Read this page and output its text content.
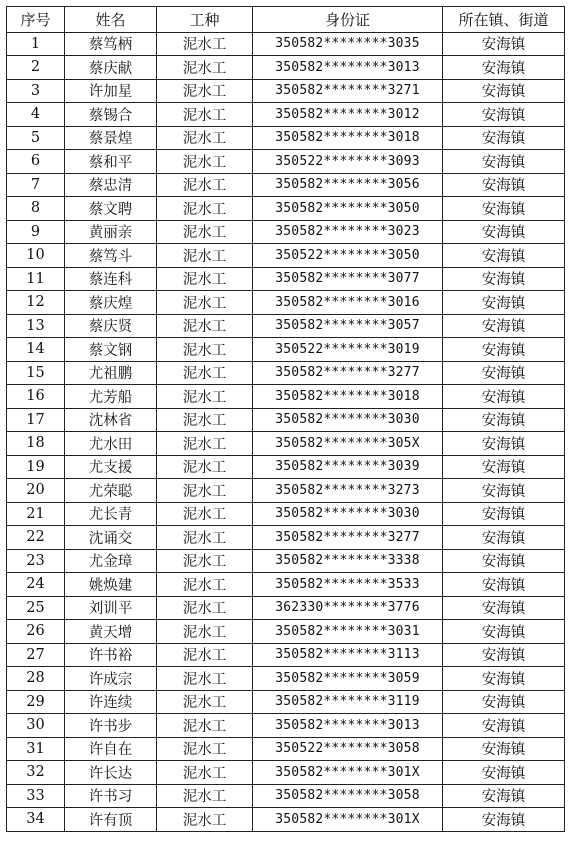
序号	姓名	工种	身份证	所在镇、街道
1	蔡笃柄	泥水工	350582********3035	安海镇
2	蔡庆献	泥水工	350582********3013	安海镇
3	许加星	泥水工	350582********3271	安海镇
4	蔡锡合	泥水工	350582********3012	安海镇
5	蔡景煌	泥水工	350582********3018	安海镇
6	蔡和平	泥水工	350522********3093	安海镇
7	蔡忠清	泥水工	350582********3056	安海镇
8	蔡文聘	泥水工	350582********3050	安海镇
9	黄丽亲	泥水工	350582********3023	安海镇
10	蔡笃斗	泥水工	350522********3050	安海镇
11	蔡连科	泥水工	350582********3077	安海镇
12	蔡庆煌	泥水工	350582********3016	安海镇
13	蔡庆贤	泥水工	350582********3057	安海镇
14	蔡文钢	泥水工	350522********3019	安海镇
15	尤祖鹏	泥水工	350582********3277	安海镇
16	尤芳船	泥水工	350582********3018	安海镇
17	沈林省	泥水工	350582********3030	安海镇
18	尤水田	泥水工	350582********305X	安海镇
19	尤支援	泥水工	350582********3039	安海镇
20	尤荣聪	泥水工	350582********3273	安海镇
21	尤长青	泥水工	350582********3030	安海镇
22	沈诵交	泥水工	350582********3277	安海镇
23	尤金璋	泥水工	350582********3338	安海镇
24	姚焕建	泥水工	350582********3533	安海镇
25	刘训平	泥水工	362330********3776	安海镇
26	黄天增	泥水工	350582********3031	安海镇
27	许书裕	泥水工	350582********3113	安海镇
28	许成宗	泥水工	350582********3059	安海镇
29	许连续	泥水工	350582********3119	安海镇
30	许书步	泥水工	350582********3013	安海镇
31	许自在	泥水工	350522********3058	安海镇
32	许长达	泥水工	350582********301X	安海镇
33	许书习	泥水工	350582********3058	安海镇
34	许有顶	泥水工	350582********301X	安海镇
